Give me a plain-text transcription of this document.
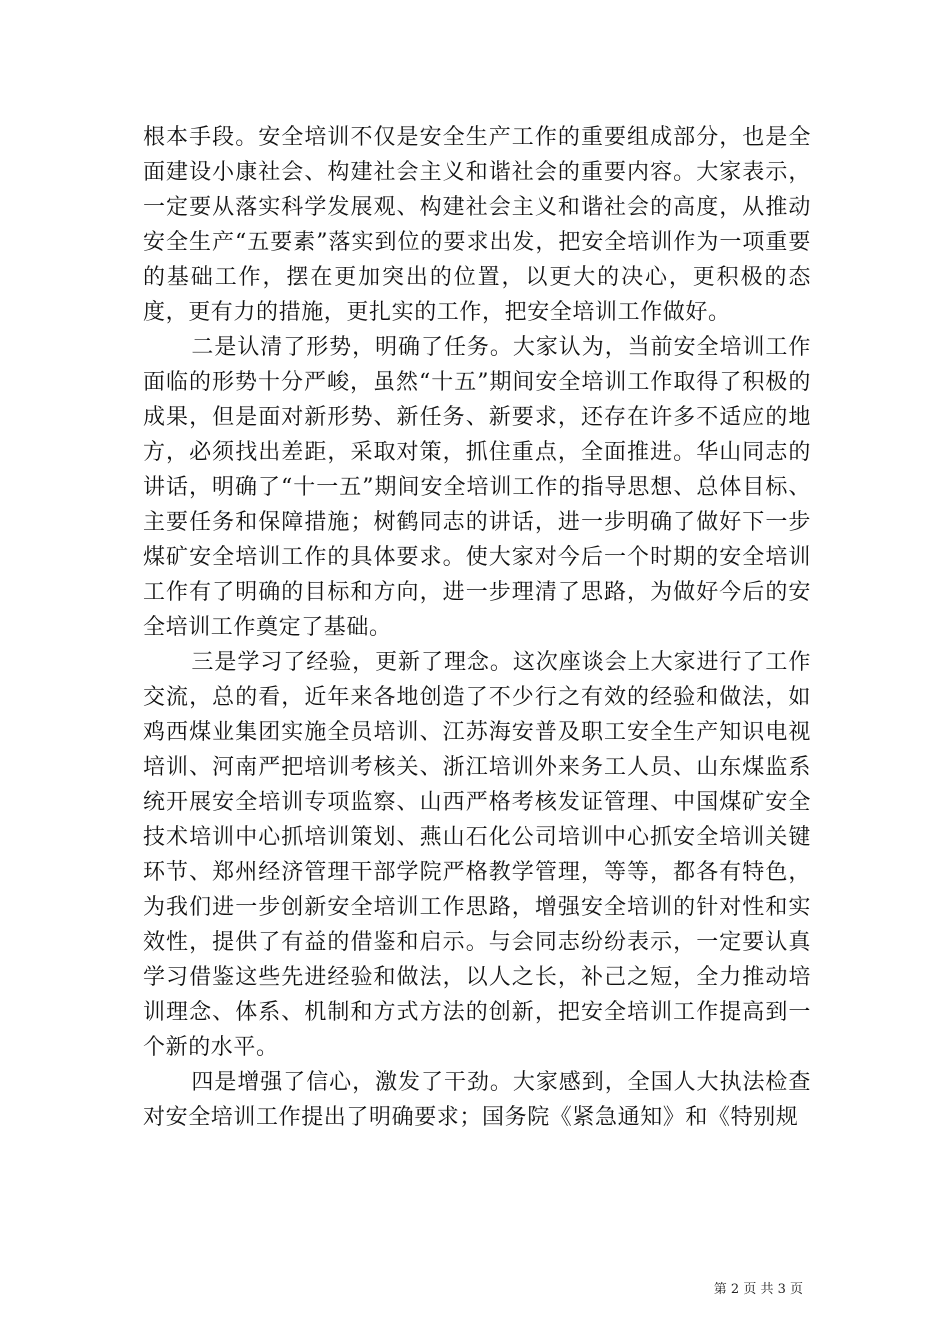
根本手段。安全培训不仅是安全生产工作的重要组成部分，也是全面建设小康社会、构建社会主义和谐社会的重要内容。大家表示，一定要从落实科学发展观、构建社会主义和谐社会的高度，从推动安全生产“五要素”落实到位的要求出发，把安全培训作为一项重要的基础工作，摆在更加突出的位置，以更大的决心，更积极的态度，更有力的措施，更扎实的工作，把安全培训工作做好。

二是认清了形势，明确了任务。大家认为，当前安全培训工作面临的形势十分严峻，虽然“十五”期间安全培训工作取得了积极的成果，但是面对新形势、新任务、新要求，还存在许多不适应的地方，必须找出差距，采取对策，抓住重点，全面推进。华山同志的讲话，明确了“十一五”期间安全培训工作的指导思想、总体目标、主要任务和保障措施；树鹤同志的讲话，进一步明确了做好下一步煤矿安全培训工作的具体要求。使大家对今后一个时期的安全培训工作有了明确的目标和方向，进一步理清了思路，为做好今后的安全培训工作奠定了基础。

三是学习了经验，更新了理念。这次座谈会上大家进行了工作交流，总的看，近年来各地创造了不少行之有效的经验和做法，如鸡西煤业集团实施全员培训、江苏海安普及职工安全生产知识电视培训、河南严把培训考核关、浙江培训外来务工人员、山东煤监系统开展安全培训专项监察、山西严格考核发证管理、中国煤矿安全技术培训中心抓培训策划、燕山石化公司培训中心抓安全培训关键环节、郑州经济管理干部学院严格教学管理，等等，都各有特色，为我们进一步创新安全培训工作思路，增强安全培训的针对性和实效性，提供了有益的借鉴和启示。与会同志纷纷表示，一定要认真学习借鉴这些先进经验和做法，以人之长，补己之短，全力推动培训理念、体系、机制和方式方法的创新，把安全培训工作提高到一个新的水平。

四是增强了信心，激发了干劲。大家感到，全国人大执法检查对安全培训工作提出了明确要求；国务院《紧急通知》和《特别规

第 2 页 共 3 页
